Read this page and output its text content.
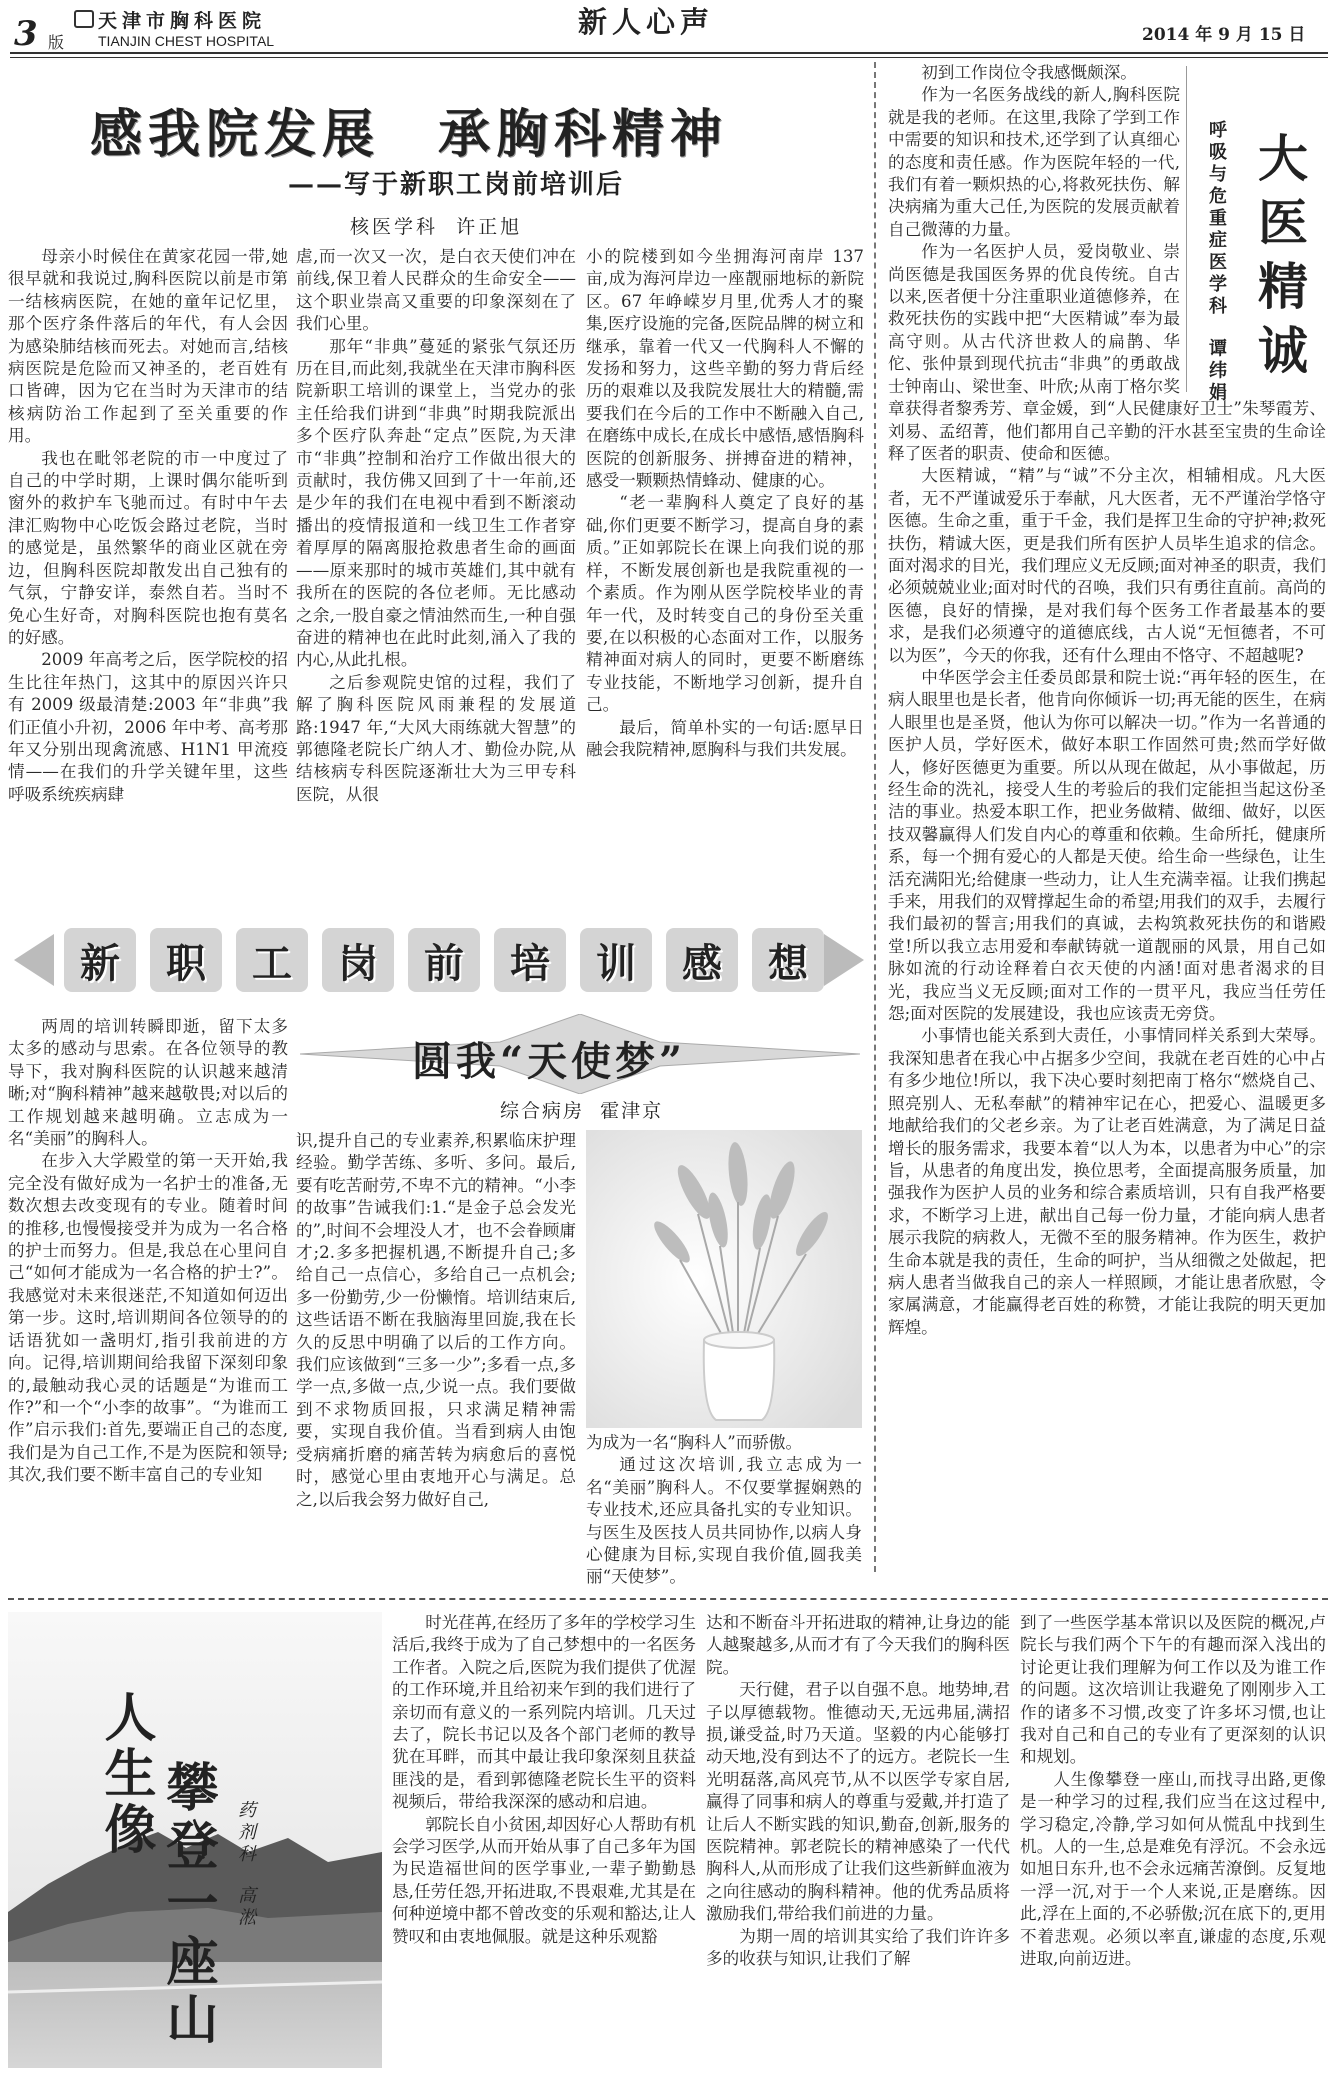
3 版
天津市胸科医院
TIANJIN CHEST HOSPITAL
新人心声	2014 年 9 月 15 日
感我院发展　承胸科精神
——写于新职工岗前培训后
核医学科  许正旭

母亲小时候住在黄家花园一带,她很早就和我说过,胸科医院以前是市第一结核病医院，在她的童年记忆里，那个医疗条件落后的年代，有人会因为感染肺结核而死去。对她而言,结核病医院是危险而又神圣的，老百姓有口皆碑，因为它在当时为天津市的结核病防治工作起到了至关重要的作用。

我也在毗邻老院的市一中度过了自己的中学时期，上课时偶尔能听到窗外的救护车飞驰而过。有时中午去津汇购物中心吃饭会路过老院，当时的感觉是，虽然繁华的商业区就在旁边，但胸科医院却散发出自己独有的气氛，宁静安详，泰然自若。当时不免心生好奇，对胸科医院也抱有莫名的好感。

2009 年高考之后，医学院校的招生比往年热门，这其中的原因兴许只有 2009 级最清楚:2003 年“非典”我们正值小升初，2006 年中考、高考那年又分别出现禽流感、H1N1 甲流疫情——在我们的升学关键年里，这些呼吸系统疾病肆

虐,而一次又一次，是白衣天使们冲在前线,保卫着人民群众的生命安全——这个职业崇高又重要的印象深刻在了我们心里。

那年“非典”蔓延的紧张气氛还历历在目,而此刻,我就坐在天津市胸科医院新职工培训的课堂上，当党办的张主任给我们讲到“非典”时期我院派出多个医疗队奔赴“定点”医院,为天津市“非典”控制和治疗工作做出很大的贡献时，我仿佛又回到了十一年前,还是少年的我们在电视中看到不断滚动播出的疫情报道和一线卫生工作者穿着厚厚的隔离服抢救患者生命的画面——原来那时的城市英雄们,其中就有我所在的医院的各位老师。无比感动之余,一股自豪之情油然而生,一种自强奋进的精神也在此时此刻,涌入了我的内心,从此扎根。

之后参观院史馆的过程，我们了解了胸科医院风雨兼程的发展道路:1947 年,“大风大雨练就大智慧”的郭德隆老院长广纳人才、勤俭办院,从结核病专科医院逐渐壮大为三甲专科医院，从很

小的院楼到如今坐拥海河南岸 137 亩,成为海河岸边一座靓丽地标的新院区。67 年峥嵘岁月里,优秀人才的聚集,医疗设施的完备,医院品牌的树立和继承，靠着一代又一代胸科人不懈的发扬和努力，这些辛勤的努力背后经历的艰难以及我院发展壮大的精髓,需要我们在今后的工作中不断融入自己,在磨练中成长,在成长中感悟,感悟胸科医院的创新服务、拼搏奋进的精神，感受一颗颗热情蜂动、健康的心。

“老一辈胸科人奠定了良好的基础,你们更要不断学习，提高自身的素质。”正如郭院长在课上向我们说的那样，不断发展创新也是我院重视的一个素质。作为刚从医学院校毕业的青年一代，及时转变自己的身份至关重要,在以积极的心态面对工作，以服务精神面对病人的同时，更要不断磨练专业技能，不断地学习创新，提升自己。

最后，简单朴实的一句话:愿早日融会我院精神,愿胸科与我们共发展。

呼吸与危重症医学科  谭纬娟 大医精诚

初到工作岗位令我感慨颇深。

作为一名医务战线的新人,胸科医院就是我的老师。在这里,我除了学到工作中需要的知识和技术,还学到了认真细心的态度和责任感。作为医院年轻的一代,我们有着一颗炽热的心,将救死扶伤、解决病痛为重大己任,为医院的发展贡献着自己微薄的力量。

作为一名医护人员，爱岗敬业、崇尚医德是我国医务界的优良传统。自古以来,医者便十分注重职业道德修养，在救死扶伤的实践中把“大医精诚”奉为最高守则。从古代济世救人的扁鹊、华佗、张仲景到现代抗击“非典”的勇敢战士钟南山、梁世奎、叶欣;从南丁格尔奖章获得者黎秀芳、章金媛，到“人民健康好卫士”朱琴霞芳、刘易、孟绍菁，他们都用自己辛勤的汗水甚至宝贵的生命诠释了医者的职责、使命和医德。

大医精诚，“精”与“诚”不分主次，相辅相成。凡大医者，无不严谨诚爱乐于奉献，凡大医者，无不严谨治学恪守医德。生命之重，重于千金，我们是挥卫生命的守护神;救死扶伤，精诚大医，更是我们所有医护人员毕生追求的信念。面对渴求的目光，我们理应义无反顾;面对神圣的职责，我们必须兢兢业业;面对时代的召唤，我们只有勇往直前。高尚的医德，良好的情操，是对我们每个医务工作者最基本的要求，是我们必须遵守的道德底线，古人说“无恒德者，不可以为医”，今天的你我，还有什么理由不恪守、不超越呢?

中华医学会主任委员郎景和院士说:“再年轻的医生，在病人眼里也是长者，他肯向你倾诉一切;再无能的医生，在病人眼里也是圣贤，他认为你可以解决一切。”作为一名普通的医护人员，学好医术，做好本职工作固然可贵;然而学好做人，修好医德更为重要。所以从现在做起，从小事做起，历经生命的洗礼，接受人生的考验后的我们定能担当起这份圣洁的事业。热爱本职工作，把业务做精、做细、做好，以医技双馨赢得人们发自内心的尊重和依赖。生命所托，健康所系，每一个拥有爱心的人都是天使。给生命一些绿色，让生活充满阳光;给健康一些动力，让人生充满幸福。让我们携起手来，用我们的双臂撑起生命的希望;用我们的双手，去履行我们最初的誓言;用我们的真诚，去构筑救死扶伤的和谐殿堂!所以我立志用爱和奉献铸就一道靓丽的风景，用自己如脉如流的行动诠释着白衣天使的内涵!面对患者渴求的目光，我应当义无反顾;面对工作的一贯平凡，我应当任劳任怨;面对医院的发展建设，我也应该责无旁贷。

小事情也能关系到大责任，小事情同样关系到大荣辱。我深知患者在我心中占据多少空间，我就在老百姓的心中占有多少地位!所以，我下决心要时刻把南丁格尔“燃烧自己、照亮别人、无私奉献”的精神牢记在心，把爱心、温暖更多地献给我们的父老乡亲。为了让老百姓满意，为了满足日益增长的服务需求，我要本着“以人为本，以患者为中心”的宗旨，从患者的角度出发，换位思考，全面提高服务质量，加强我作为医护人员的业务和综合素质培训，只有自我严格要求，不断学习上进，献出自己每一份力量，才能向病人患者展示我院的病救人，无微不至的服务精神。作为医生，救护生命本就是我的责任，生命的呵护，当从细微之处做起，把病人患者当做我自己的亲人一样照顾，才能让患者欣慰，令家属满意，才能赢得老百姓的称赞，才能让我院的明天更加辉煌。

新	职	工	岗	前	培	训	感	想
圆我“天使梦”
综合病房  霍津京

两周的培训转瞬即逝，留下太多太多的感动与思索。在各位领导的教导下，我对胸科医院的认识越来越清晰;对“胸科精神”越来越敬畏;对以后的工作规划越来越明确。立志成为一名“美丽”的胸科人。

在步入大学殿堂的第一天开始,我完全没有做好成为一名护士的准备,无数次想去改变现有的专业。随着时间的推移,也慢慢接受并为成为一名合格的护士而努力。但是,我总在心里问自己“如何才能成为一名合格的护士?”。我感觉对未来很迷茫,不知道如何迈出第一步。这时,培训期间各位领导的的话语犹如一盏明灯,指引我前进的方向。记得,培训期间给我留下深刻印象的,最触动我心灵的话题是“为谁而工作?”和一个“小李的故事”。“为谁而工作”启示我们:首先,要端正自己的态度,我们是为自己工作,不是为医院和领导;其次,我们要不断丰富自己的专业知

识,提升自己的专业素养,积累临床护理经验。勤学苦练、多听、多问。最后,要有吃苦耐劳,不卑不亢的精神。“小李的故事”告诫我们:1.“是金子总会发光的”,时间不会埋没人才，也不会眷顾庸才;2.多多把握机遇,不断提升自己;多给自己一点信心，多给自己一点机会;多一份勤劳,少一份懒惰。培训结束后,这些话语不断在我脑海里回旋,我在长久的反思中明确了以后的工作方向。我们应该做到“三多一少”;多看一点,多学一点,多做一点,少说一点。我们要做到不求物质回报，只求满足精神需要，实现自我价值。当看到病人由饱受病痛折磨的痛苦转为病愈后的喜悦时，感觉心里由衷地开心与满足。总之,以后我会努力做好自己,

为成为一名“胸科人”而骄傲。

通过这次培训,我立志成为一名“美丽”胸科人。不仅要掌握娴熟的专业技术,还应具备扎实的专业知识。与医生及医技人员共同协作,以病人身心健康为目标,实现自我价值,圆我美丽“天使梦”。

人生像 攀登一座山 药剂科  高淞

时光荏苒,在经历了多年的学校学习生活后,我终于成为了自己梦想中的一名医务工作者。入院之后,医院为我们提供了优渥的工作环境,并且给初来乍到的我们进行了亲切而有意义的一系列院内培训。几天过去了，院长书记以及各个部门老师的教导犹在耳畔，而其中最让我印象深刻且获益匪浅的是，看到郭德隆老院长生平的资料视频后，带给我深深的感动和启迪。

郭院长自小贫困,却因好心人帮助有机会学习医学,从而开始从事了自己多年为国为民造福世间的医学事业,一辈子勤勤恳恳,任劳任怨,开拓进取,不畏艰难,尤其是在何种逆境中都不曾改变的乐观和豁达,让人赞叹和由衷地佩服。就是这种乐观豁

达和不断奋斗开拓进取的精神,让身边的能人越聚越多,从而才有了今天我们的胸科医院。

天行健，君子以自强不息。地势坤,君子以厚德载物。惟德动天,无远弗届,满招损,谦受益,时乃天道。坚毅的内心能够打动天地,没有到达不了的远方。老院长一生光明磊落,高风亮节,从不以医学专家自居,赢得了同事和病人的尊重与爱戴,并打造了让后人不断实践的知识,勤奋,创新,服务的医院精神。郭老院长的精神感染了一代代胸科人,从而形成了让我们这些新鲜血液为之向往感动的胸科精神。他的优秀品质将激励我们,带给我们前进的力量。

为期一周的培训其实给了我们许许多多的收获与知识,让我们了解

到了一些医学基本常识以及医院的概况,卢院长与我们两个下午的有趣而深入浅出的讨论更让我们理解为何工作以及为谁工作的问题。这次培训让我避免了刚刚步入工作的诸多不习惯,改变了许多坏习惯,也让我对自己和自己的专业有了更深刻的认识和规划。

人生像攀登一座山,而找寻出路,更像是一种学习的过程,我们应当在这过程中,学习稳定,冷静,学习如何从慌乱中找到生机。人的一生,总是难免有浮沉。不会永远如旭日东升,也不会永远痛苦潦倒。反复地一浮一沉,对于一个人来说,正是磨练。因此,浮在上面的,不必骄傲;沉在底下的,更用不着悲观。必须以率直,谦虚的态度,乐观进取,向前迈进。
